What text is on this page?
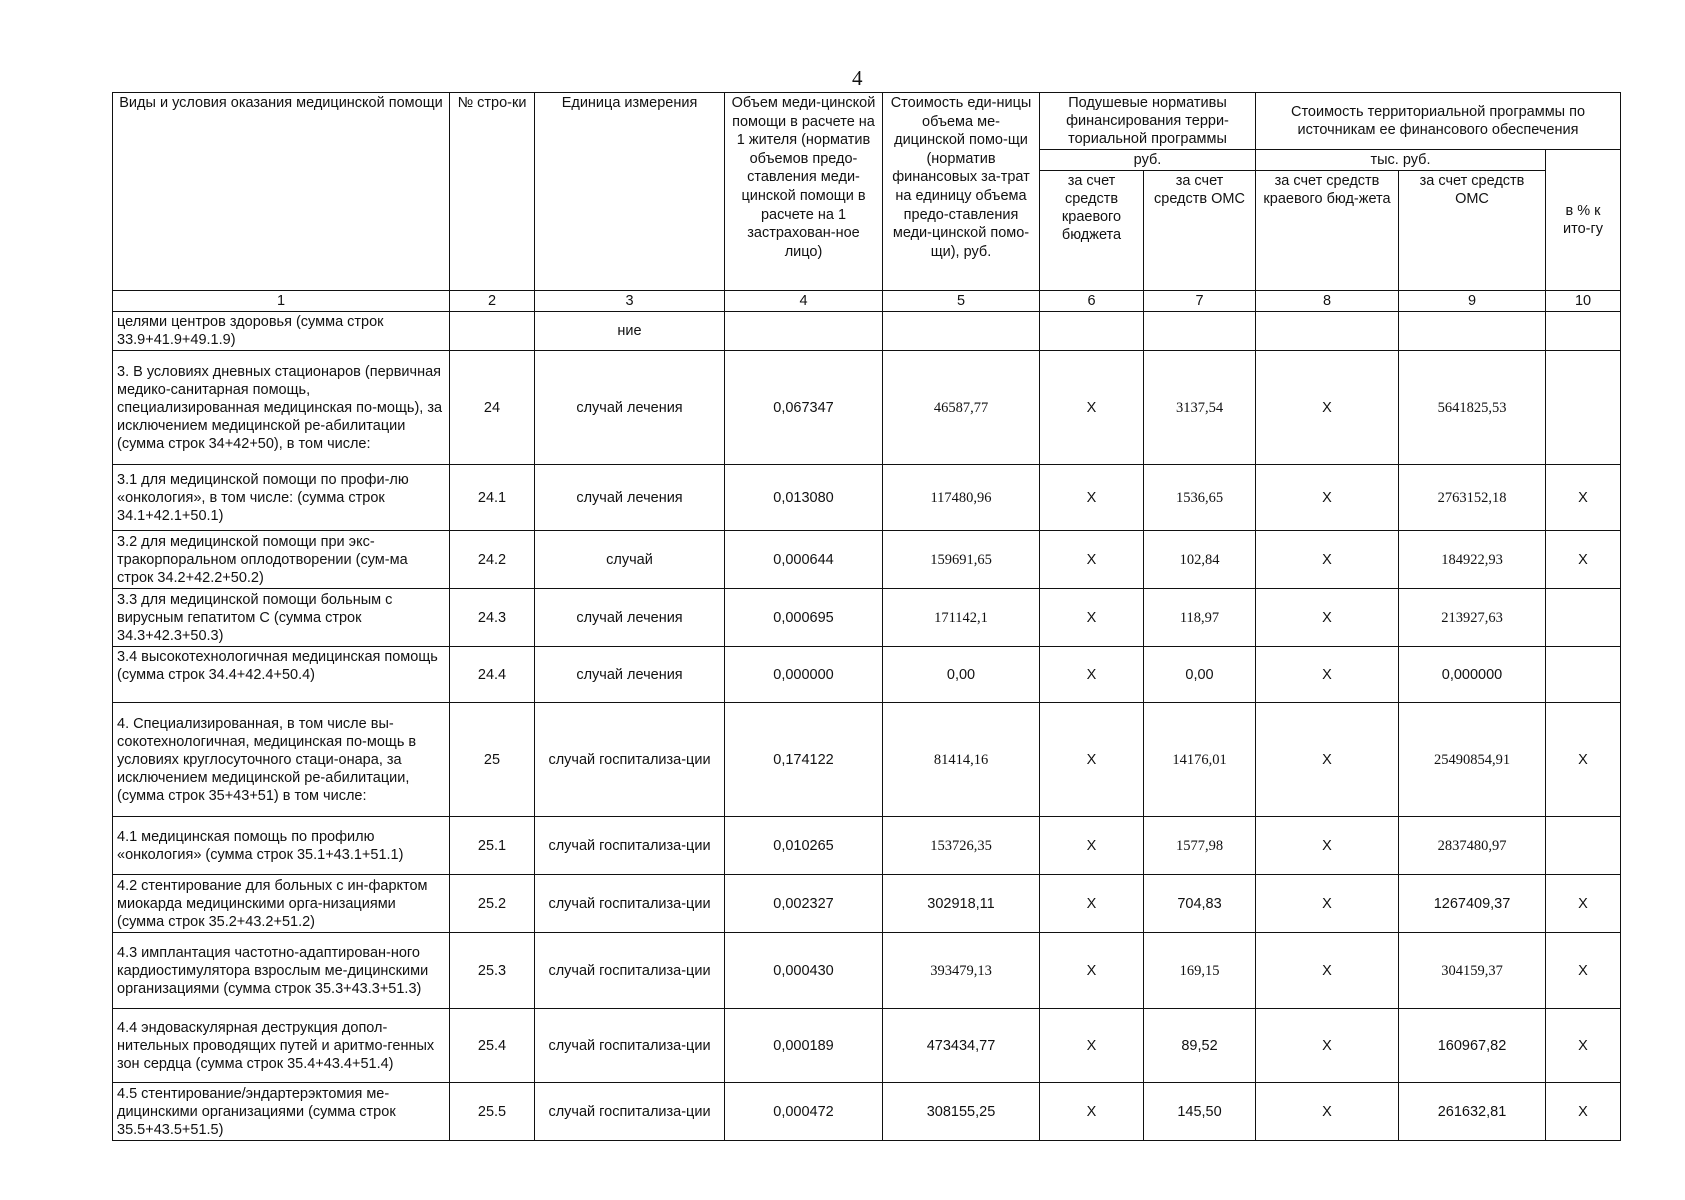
4
Виды и условия оказания медицинской помощи	№ стро-ки	Единица измерения	Объем меди-цинской помощи в расчете на 1 жителя (норматив объемов предо-ставления меди-цинской помощи в расчете на 1 застрахован-ное лицо)	Стоимость еди-ницы объема ме-дицинской помо-щи (норматив финансовых за-трат на единицу объема предо-ставления меди-цинской помо-щи), руб.	Подушевые нормативы финансирования терри-ториальной программы		Стоимость территориальной программы по источникам ее финансового обеспечения		
					руб.		тыс. руб.		в % к ито-гу
					за счет средств краевого бюджета	за счет средств ОМС	за счет средств краевого бюд-жета	за счет средств ОМС	
1	2	3	4	5	6	7	8	9	10
целями центров здоровья (сумма строк 33.9+41.9+49.1.9)		ние							
3. В условиях дневных стационаров (первичная медико-санитарная помощь, специализированная медицинская по-мощь), за исключением медицинской ре-абилитации (сумма строк 34+42+50), в том числе:	24	случай лечения	0,067347	46587,77	X	3137,54	X	5641825,53	
3.1 для медицинской помощи по профи-лю «онкология», в том числе: (сумма строк 34.1+42.1+50.1)	24.1	случай лечения	0,013080	117480,96	X	1536,65	X	2763152,18	X
3.2 для медицинской помощи при экс-тракорпоральном оплодотворении (сум-ма строк 34.2+42.2+50.2)	24.2	случай	0,000644	159691,65	X	102,84	X	184922,93	X
3.3 для медицинской помощи больным с вирусным гепатитом С (сумма строк 34.3+42.3+50.3)	24.3	случай лечения	0,000695	171142,1	X	118,97	X	213927,63	
3.4 высокотехнологичная медицинская помощь (сумма строк 34.4+42.4+50.4)	24.4	случай лечения	0,000000	0,00	X	0,00	X	0,000000	
4. Специализированная, в том числе вы-сокотехнологичная, медицинская по-мощь в условиях круглосуточного стаци-онара, за исключением медицинской ре-абилитации, (сумма строк 35+43+51) в том числе:	25	случай госпитализа-ции	0,174122	81414,16	X	14176,01	X	25490854,91	X
4.1 медицинская помощь по профилю «онкология» (сумма строк 35.1+43.1+51.1)	25.1	случай госпитализа-ции	0,010265	153726,35	X	1577,98	X	2837480,97	
4.2 стентирование для больных с ин-фарктом миокарда медицинскими орга-низациями (сумма строк 35.2+43.2+51.2)	25.2	случай госпитализа-ции	0,002327	302918,11	X	704,83	X	1267409,37	X
4.3 имплантация частотно-адаптирован-ного кардиостимулятора взрослым ме-дицинскими организациями (сумма строк 35.3+43.3+51.3)	25.3	случай госпитализа-ции	0,000430	393479,13	X	169,15	X	304159,37	X
4.4 эндоваскулярная деструкция допол-нительных проводящих путей и аритмо-генных зон сердца (сумма строк 35.4+43.4+51.4)	25.4	случай госпитализа-ции	0,000189	473434,77	X	89,52	X	160967,82	X
4.5 стентирование/эндартерэктомия ме-дицинскими организациями (сумма строк 35.5+43.5+51.5)	25.5	случай госпитализа-ции	0,000472	308155,25	X	145,50	X	261632,81	X
